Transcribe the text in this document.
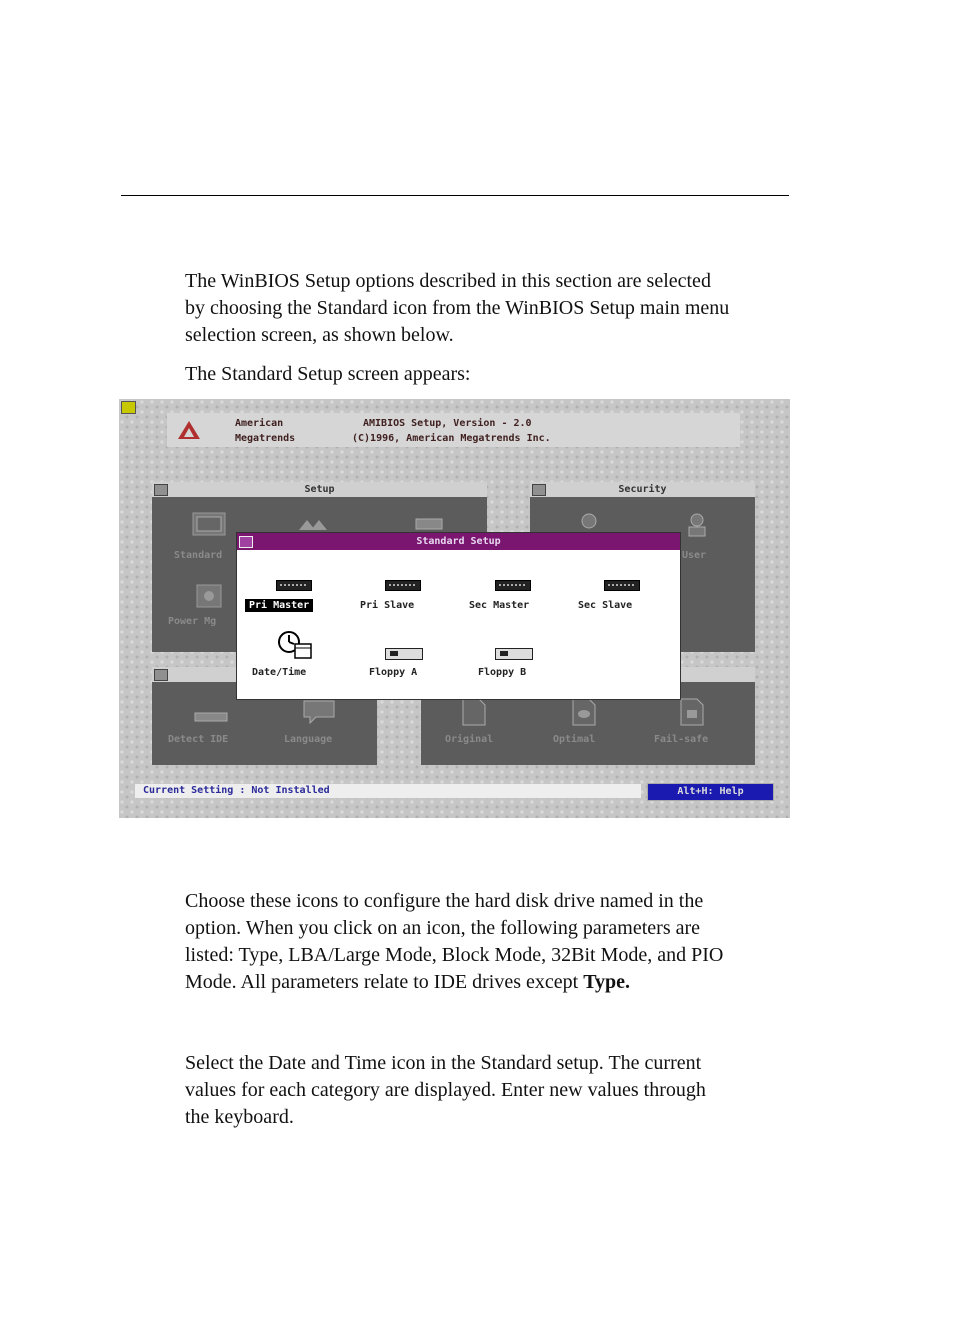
The WinBIOS Setup options described in this section are selected
by choosing the Standard icon from the WinBIOS Setup main menu
selection screen, as shown below.

The Standard Setup screen appears:

American
Megatrends
AMIBIOS Setup, Version - 2.0
(C)1996, American Megatrends Inc.
Setup
Standard
Power Mg
Security
User
Detect IDE	Language	Original	Optimal	Fail-safe
Standard Setup
Pri Master	Pri Slave	Sec Master	Sec Slave
Date/Time	Floppy A	Floppy B
Current Setting : Not Installed	Alt+H: Help

Choose these icons to configure the hard disk drive named in the
option. When you click on an icon, the following parameters are
listed: Type, LBA/Large Mode, Block Mode, 32Bit Mode, and PIO
Mode. All parameters relate to IDE drives except Type.

Select the Date and Time icon in the Standard setup. The current
values for each category are displayed. Enter new values through
the keyboard.
